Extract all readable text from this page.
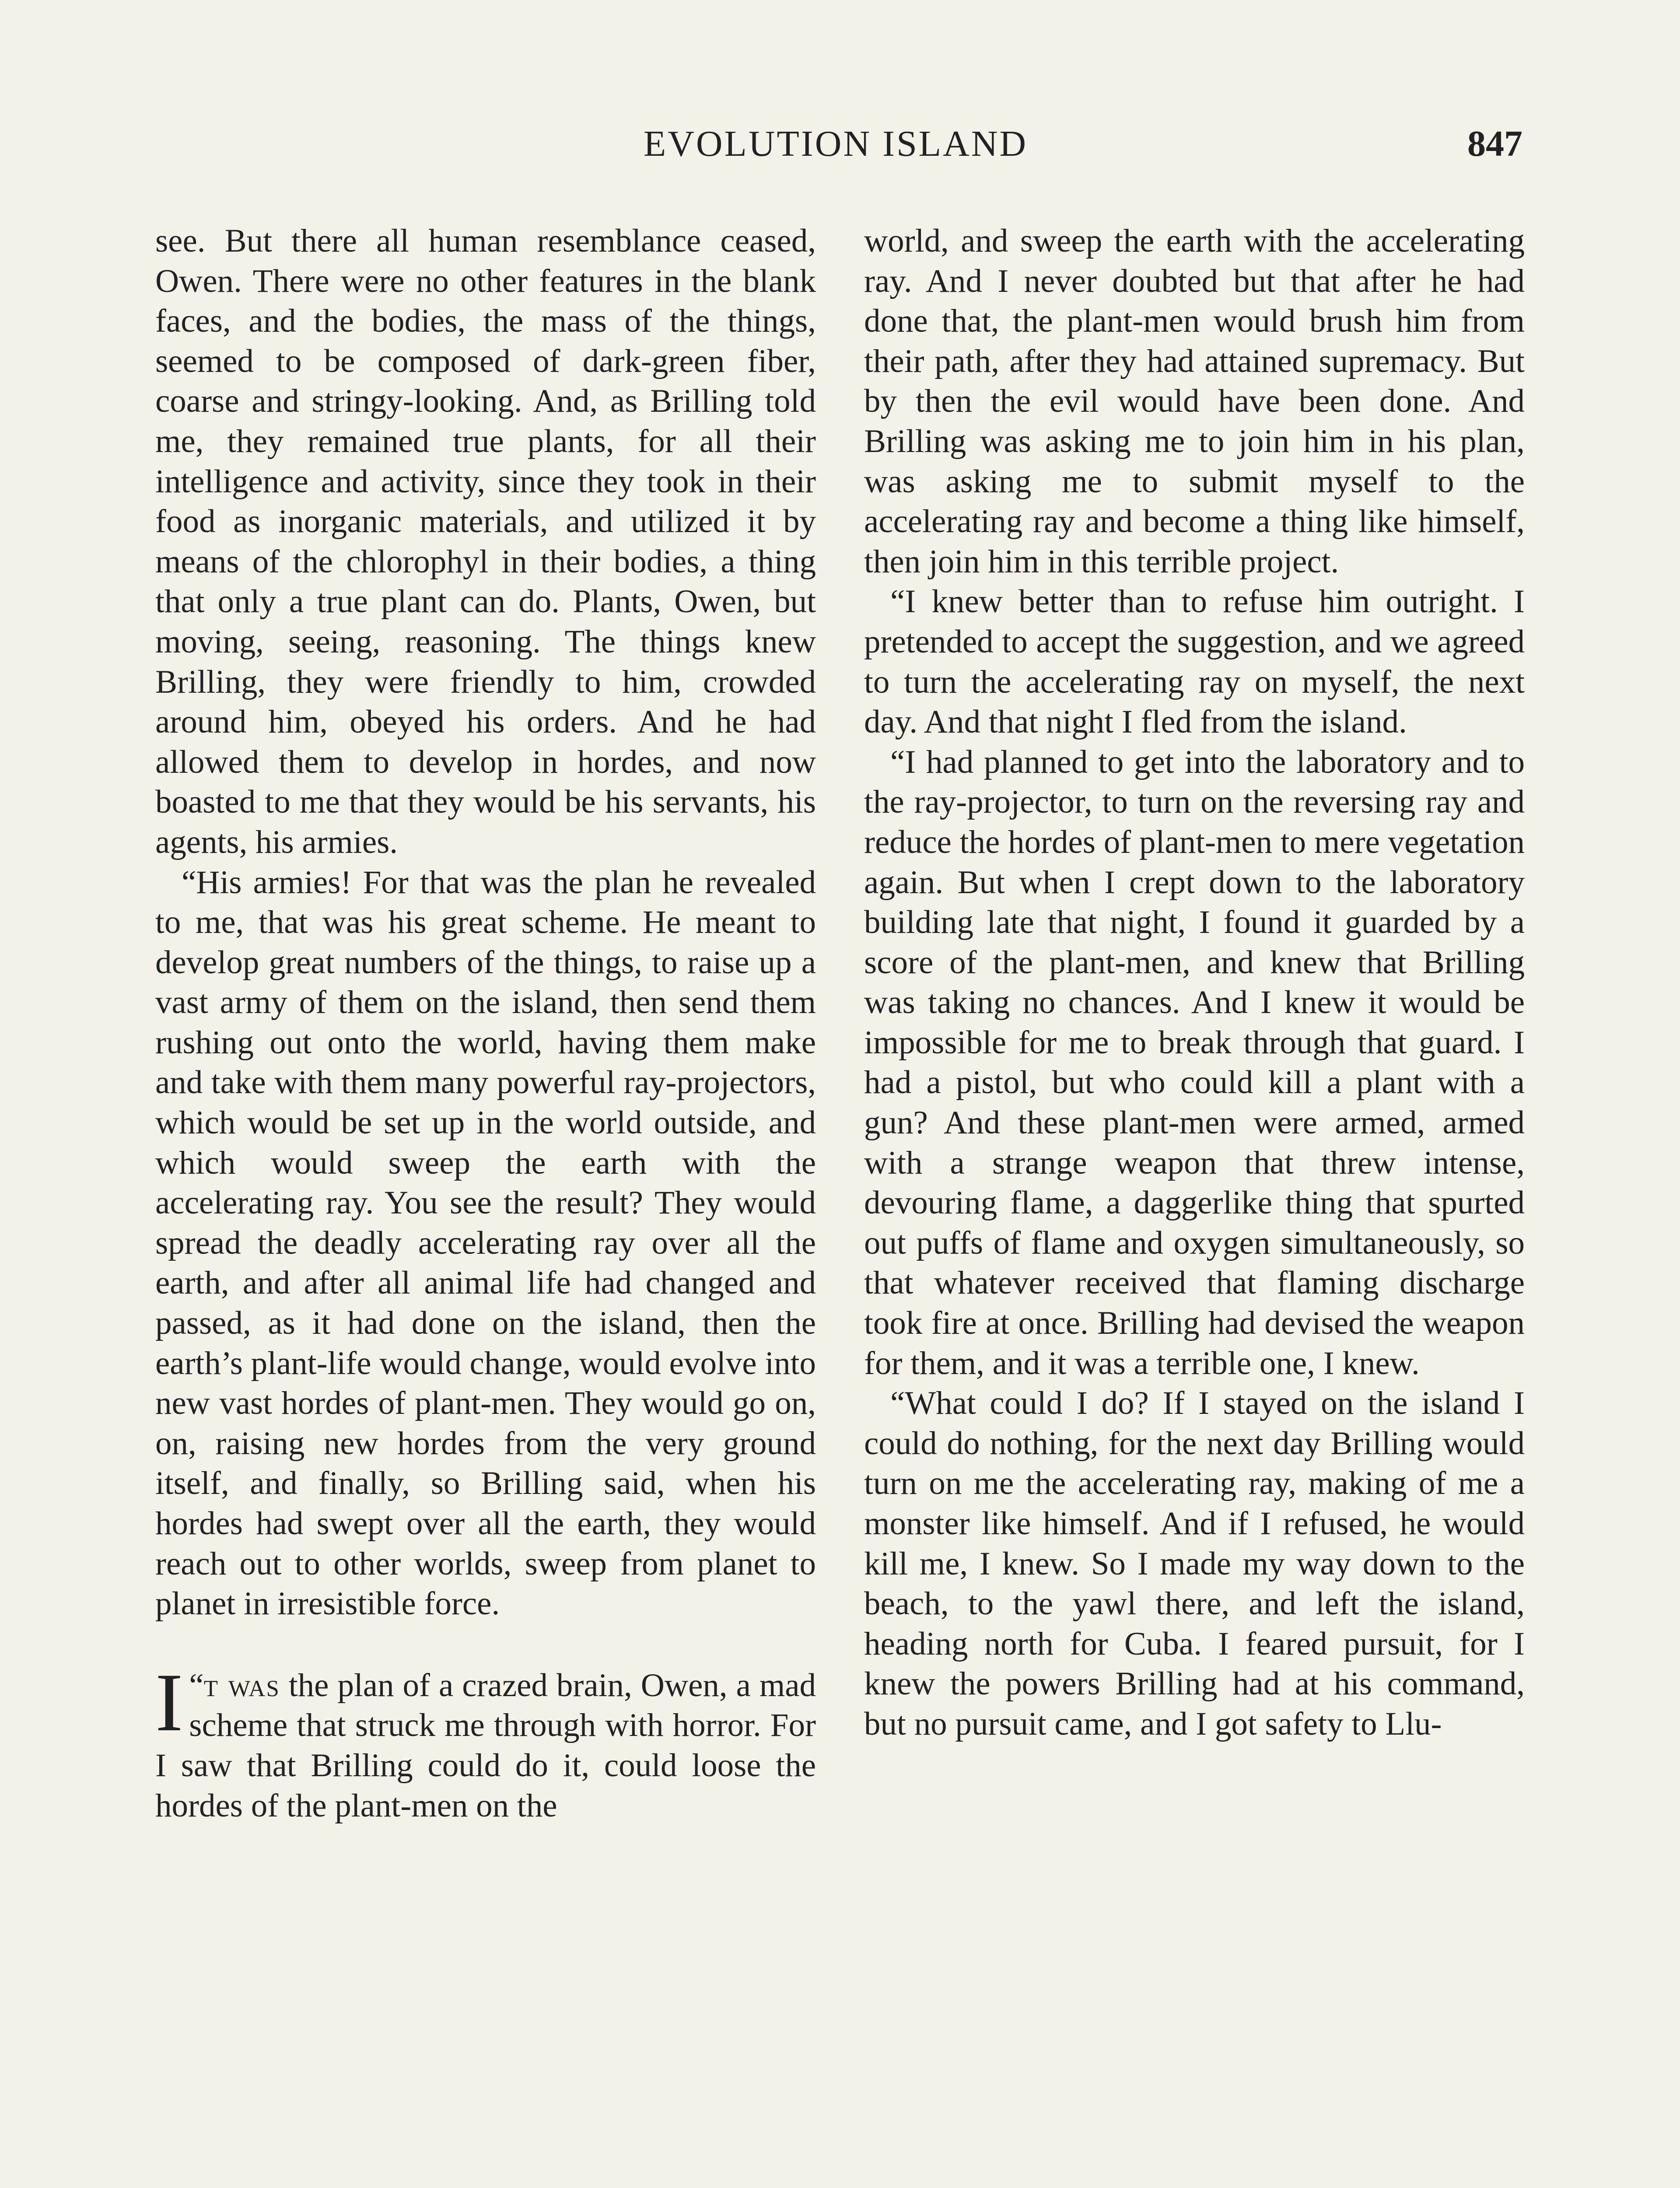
EVOLUTION ISLAND	847

see. But there all human resemblance ceased, Owen. There were no other features in the blank faces, and the bodies, the mass of the things, seemed to be composed of dark-green fiber, coarse and stringy-looking. And, as Brilling told me, they remained true plants, for all their intelligence and activity, since they took in their food as inorganic materials, and utilized it by means of the chlorophyl in their bodies, a thing that only a true plant can do. Plants, Owen, but moving, seeing, reasoning. The things knew Brilling, they were friendly to him, crowded around him, obeyed his orders. And he had allowed them to develop in hordes, and now boasted to me that they would be his servants, his agents, his armies.

“His armies! For that was the plan he revealed to me, that was his great scheme. He meant to develop great numbers of the things, to raise up a vast army of them on the island, then send them rushing out onto the world, having them make and take with them many powerful ray-projectors, which would be set up in the world outside, and which would sweep the earth with the accelerating ray. You see the result? They would spread the deadly accelerating ray over all the earth, and after all animal life had changed and passed, as it had done on the island, then the earth’s plant-life would change, would evolve into new vast hordes of plant-men. They would go on, on, raising new hordes from the very ground itself, and finally, so Brilling said, when his hordes had swept over all the earth, they would reach out to other worlds, sweep from planet to planet in irresistible force.

“
I t was the plan of a crazed brain, Owen, a mad scheme that struck me through with horror. For I saw that Brilling could do it, could loose the hordes of the plant-men on the

world, and sweep the earth with the accelerating ray. And I never doubted but that after he had done that, the plant-men would brush him from their path, after they had attained supremacy. But by then the evil would have been done. And Brilling was asking me to join him in his plan, was asking me to submit myself to the accelerating ray and become a thing like himself, then join him in this terrible project.

“I knew better than to refuse him outright. I pretended to accept the suggestion, and we agreed to turn the accelerating ray on myself, the next day. And that night I fled from the island.

“I had planned to get into the laboratory and to the ray-projector, to turn on the reversing ray and reduce the hordes of plant-men to mere vegetation again. But when I crept down to the laboratory building late that night, I found it guarded by a score of the plant-men, and knew that Brilling was taking no chances. And I knew it would be impossible for me to break through that guard. I had a pistol, but who could kill a plant with a gun? And these plant-men were armed, armed with a strange weapon that threw intense, devouring flame, a daggerlike thing that spurted out puffs of flame and oxygen simultaneously, so that whatever received that flaming discharge took fire at once. Brilling had devised the weapon for them, and it was a terrible one, I knew.

“What could I do? If I stayed on the island I could do nothing, for the next day Brilling would turn on me the accelerating ray, making of me a monster like himself. And if I refused, he would kill me, I knew. So I made my way down to the beach, to the yawl there, and left the island, heading north for Cuba. I feared pursuit, for I knew the powers Brilling had at his command, but no pursuit came, and I got safety to Llu-
